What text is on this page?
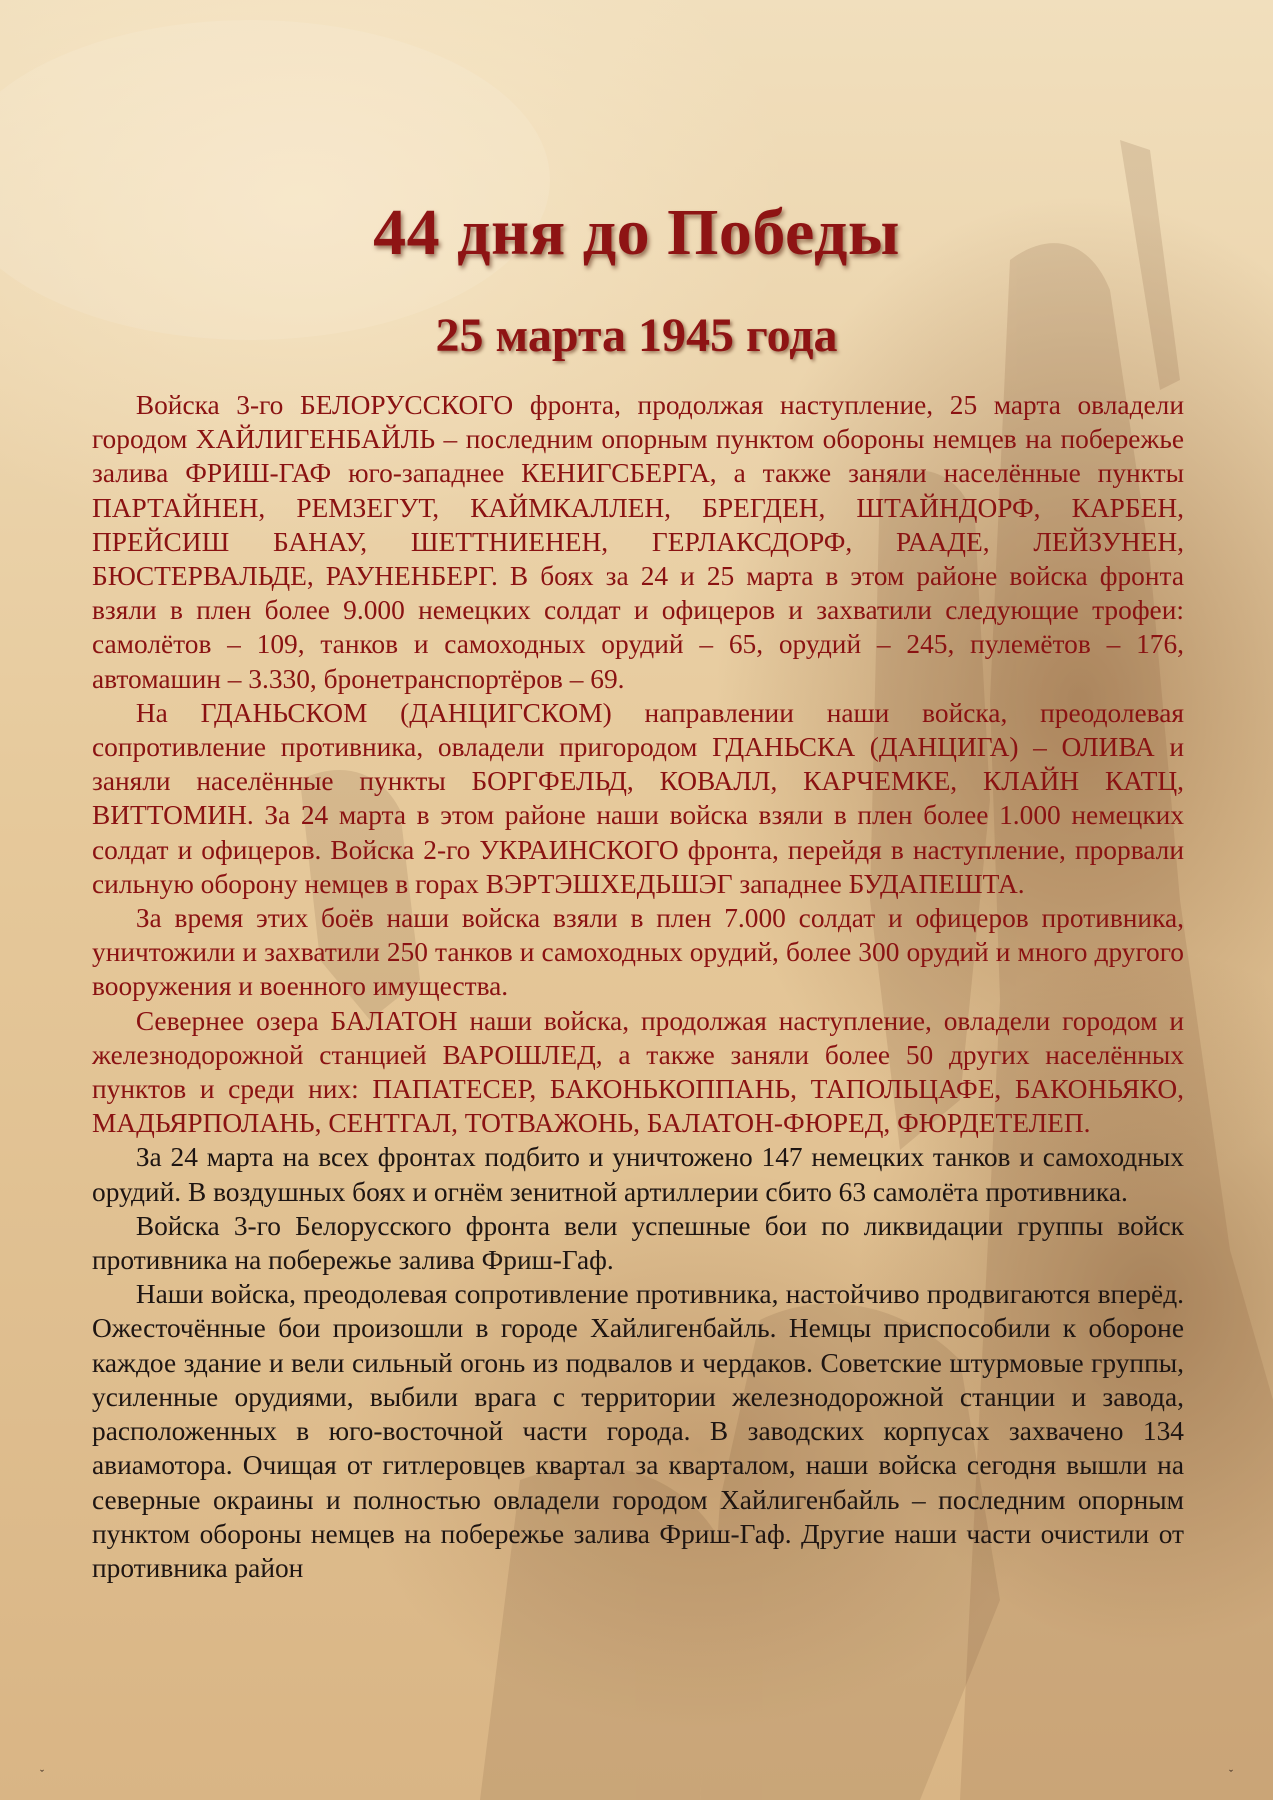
44 дня до Победы
25 марта 1945 года

Войска 3-го БЕЛОРУССКОГО фронта, продолжая наступление, 25 марта овладели городом ХАЙЛИГЕНБАЙЛЬ – последним опорным пунктом обороны немцев на побережье залива ФРИШ-ГАФ юго-западнее КЕНИГСБЕРГА, а также заняли населённые пункты ПАРТАЙНЕН, РЕМЗЕГУТ, КАЙМКАЛЛЕН, БРЕГДЕН, ШТАЙНДОРФ, КАРБЕН, ПРЕЙСИШ БАНАУ, ШЕТТНИЕНЕН, ГЕРЛАКСДОРФ, РААДЕ, ЛЕЙЗУНЕН, БЮСТЕРВАЛЬДЕ, РАУНЕНБЕРГ. В боях за 24 и 25 марта в этом районе войска фронта взяли в плен более 9.000 немецких солдат и офицеров и захватили следующие трофеи: самолётов – 109, танков и самоходных орудий – 65, орудий – 245, пулемётов – 176, автомашин – 3.330, бронетранспортёров – 69.

На ГДАНЬСКОМ (ДАНЦИГСКОМ) направлении наши войска, преодолевая сопротивление противника, овладели пригородом ГДАНЬСКА (ДАНЦИГА) – ОЛИВА и заняли населённые пункты БОРГФЕЛЬД, КОВАЛЛ, КАРЧЕМКЕ, КЛАЙН КАТЦ, ВИТТОМИН. За 24 марта в этом районе наши войска взяли в плен более 1.000 немецких солдат и офицеров. Войска 2-го УКРАИНСКОГО фронта, перейдя в наступление, прорвали сильную оборону немцев в горах ВЭРТЭШХЕДЬШЭГ западнее БУДАПЕШТА.

За время этих боёв наши войска взяли в плен 7.000 солдат и офицеров противника, уничтожили и захватили 250 танков и самоходных орудий, более 300 орудий и много другого вооружения и военного имущества.

Севернее озера БАЛАТОН наши войска, продолжая наступление, овладели городом и железнодорожной станцией ВАРОШЛЕД, а также заняли более 50 других населённых пунктов и среди них: ПАПАТЕСЕР, БАКОНЬКОППАНЬ, ТАПОЛЬЦАФЕ, БАКОНЬЯКО, МАДЬЯРПОЛАНЬ, СЕНТГАЛ, ТОТВАЖОНЬ, БАЛАТОН-ФЮРЕД, ФЮРДЕТЕЛЕП.

За 24 марта на всех фронтах подбито и уничтожено 147 немецких танков и самоходных орудий. В воздушных боях и огнём зенитной артиллерии сбито 63 самолёта противника.

Войска 3-го Белорусского фронта вели успешные бои по ликвидации группы войск противника на побережье залива Фриш-Гаф.

Наши войска, преодолевая сопротивление противника, настойчиво продвигаются вперёд. Ожесточённые бои произошли в городе Хайлигенбайль. Немцы приспособили к обороне каждое здание и вели сильный огонь из подвалов и чердаков. Советские штурмовые группы, усиленные орудиями, выбили врага с территории железнодорожной станции и завода, расположенных в юго-восточной части города. В заводских корпусах захвачено 134 авиамотора. Очищая от гитлеровцев квартал за кварталом, наши войска сегодня вышли на северные окраины и полностью овладели городом Хайлигенбайль – последним опорным пунктом обороны немцев на побережье залива Фриш-Гаф. Другие наши части очистили от противника район

ˇ	ˇ
